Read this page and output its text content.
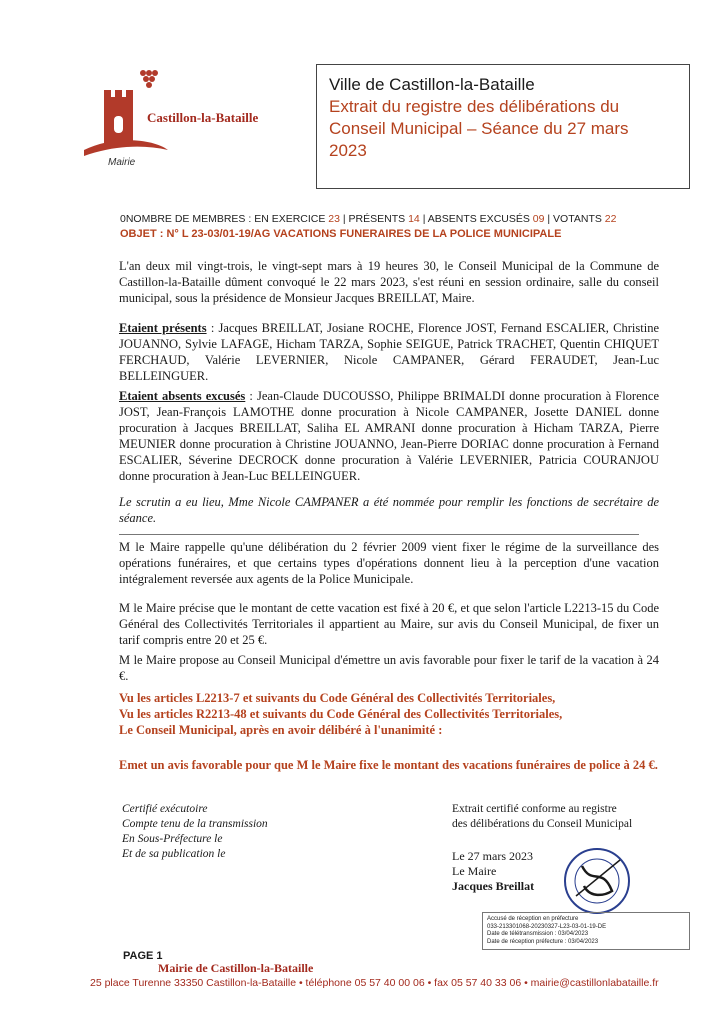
Castillon-la-Bataille
Mairie
Ville de Castillon-la-Bataille
Extrait du registre des délibérations du
Conseil Municipal – Séance du 27 mars
2023
0NOMBRE DE MEMBRES : EN EXERCICE 23 | PRÉSENTS 14 | ABSENTS EXCUSÉS 09 | VOTANTS 22
OBJET : N° L 23-03/01-19/AG VACATIONS FUNERAIRES DE LA POLICE MUNICIPALE
L'an deux mil vingt-trois, le vingt-sept mars à 19 heures 30, le Conseil Municipal de la Commune de Castillon-la-Bataille dûment convoqué le 22 mars 2023, s'est réuni en session ordinaire, salle du conseil municipal, sous la présidence de Monsieur Jacques BREILLAT, Maire.
Etaient présents : Jacques BREILLAT, Josiane ROCHE, Florence JOST, Fernand ESCALIER, Christine JOUANNO, Sylvie LAFAGE, Hicham TARZA, Sophie SEIGUE, Patrick TRACHET, Quentin CHIQUET FERCHAUD, Valérie LEVERNIER, Nicole CAMPANER, Gérard FERAUDET, Jean-Luc BELLEINGUER.
Etaient absents excusés : Jean-Claude DUCOUSSO, Philippe BRIMALDI donne procuration à Florence JOST, Jean-François LAMOTHE donne procuration à Nicole CAMPANER, Josette DANIEL donne procuration à Jacques BREILLAT, Saliha EL AMRANI donne procuration à Hicham TARZA, Pierre MEUNIER donne procuration à Christine JOUANNO, Jean-Pierre DORIAC donne procuration à Fernand ESCALIER, Séverine DECROCK donne procuration à Valérie LEVERNIER, Patricia COURANJOU donne procuration à Jean-Luc BELLEINGUER.
Le scrutin a eu lieu, Mme Nicole CAMPANER a été nommée pour remplir les fonctions de secrétaire de séance.
M le Maire rappelle qu'une délibération du 2 février 2009 vient fixer le régime de la surveillance des opérations funéraires, et que certains types d'opérations donnent lieu à la perception d'une vacation intégralement reversée aux agents de la Police Municipale.
M le Maire précise que le montant de cette vacation est fixé à 20 €, et que selon l'article L2213-15 du Code Général des Collectivités Territoriales il appartient au Maire, sur avis du Conseil Municipal, de fixer un tarif compris entre 20 et 25 €.
M le Maire propose au Conseil Municipal d'émettre un avis favorable pour fixer le tarif de la vacation à 24 €.
Vu les articles L2213-7 et suivants du Code Général des Collectivités Territoriales,
Vu les articles R2213-48 et suivants du Code Général des Collectivités Territoriales,
Le Conseil Municipal, après en avoir délibéré à l'unanimité :
Emet un avis favorable pour que M le Maire fixe le montant des vacations funéraires de police à 24 €.
Certifié exécutoire
Compte tenu de la transmission
En Sous-Préfecture le
Et de sa publication le
Extrait certifié conforme au registre
des délibérations du Conseil Municipal
Le 27 mars 2023
Le Maire
Jacques Breillat
Accusé de réception en préfecture
033-213301068-20230327-L23-03-01-19-DE
Date de télétransmission : 03/04/2023
Date de réception préfecture : 03/04/2023
PAGE 1
Mairie de Castillon-la-Bataille
25 place Turenne 33350 Castillon-la-Bataille • téléphone 05 57 40 00 06 • fax 05 57 40 33 06 • mairie@castillonlabataille.fr
